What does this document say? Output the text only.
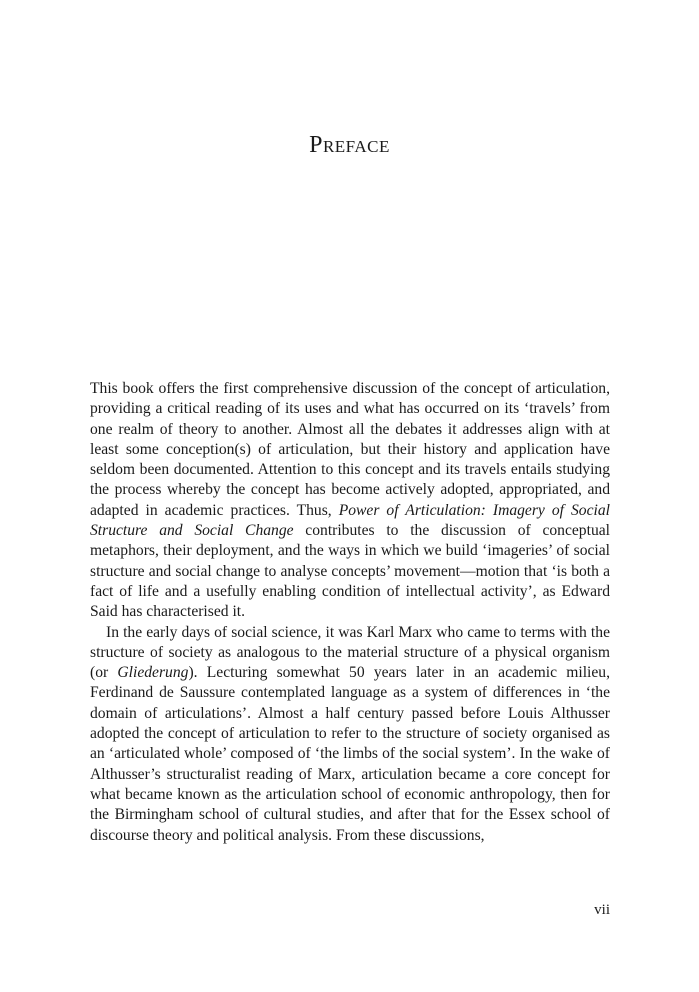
Preface

This book offers the first comprehensive discussion of the concept of articulation, providing a critical reading of its uses and what has occurred on its ‘travels’ from one realm of theory to another. Almost all the debates it addresses align with at least some conception(s) of articulation, but their history and application have seldom been documented. Attention to this concept and its travels entails studying the process whereby the concept has become actively adopted, appropriated, and adapted in academic practices. Thus, Power of Articulation: Imagery of Social Structure and Social Change contributes to the discussion of conceptual metaphors, their deployment, and the ways in which we build ‘imageries’ of social structure and social change to analyse concepts’ movement—motion that ‘is both a fact of life and a usefully enabling condition of intellectual activity’, as Edward Said has characterised it.

In the early days of social science, it was Karl Marx who came to terms with the structure of society as analogous to the material structure of a physical organism (or Gliederung). Lecturing somewhat 50 years later in an academic milieu, Ferdinand de Saussure contemplated language as a system of differences in ‘the domain of articulations’. Almost a half century passed before Louis Althusser adopted the concept of articulation to refer to the structure of society organised as an ‘articulated whole’ composed of ‘the limbs of the social system’. In the wake of Althusser’s structuralist reading of Marx, articulation became a core concept for what became known as the articulation school of economic anthropology, then for the Birmingham school of cultural studies, and after that for the Essex school of discourse theory and political analysis. From these discussions,

vii
